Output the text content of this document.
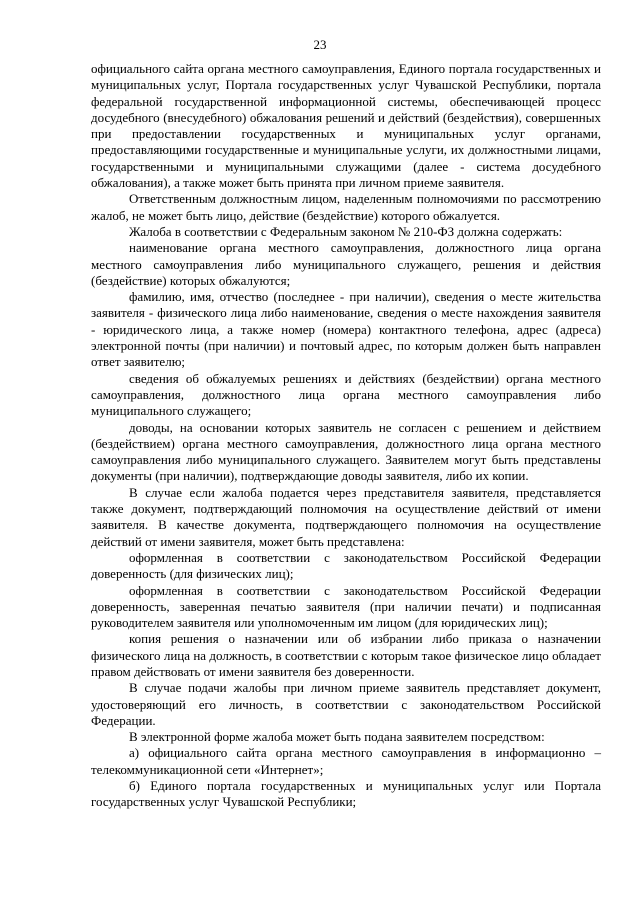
23

официального сайта органа местного самоуправления, Единого портала государственных и муниципальных услуг, Портала государственных услуг Чувашской Республики, портала федеральной государственной информационной системы, обеспечивающей процесс досудебного (внесудебного) обжалования решений и действий (бездействия), совершенных при предоставлении государственных и муниципальных услуг органами, предоставляющими государственные и муниципальные услуги, их должностными лицами, государственными и муниципальными служащими (далее - система досудебного обжалования), а также может быть принята при личном приеме заявителя.

Ответственным должностным лицом, наделенным полномочиями по рассмотрению жалоб, не может быть лицо, действие (бездействие) которого обжалуется.

Жалоба в соответствии с Федеральным законом № 210-ФЗ должна содержать:

наименование органа местного самоуправления, должностного лица органа местного самоуправления либо муниципального служащего, решения и действия (бездействие) которых обжалуются;

фамилию, имя, отчество (последнее - при наличии), сведения о месте жительства заявителя - физического лица либо наименование, сведения о месте нахождения заявителя - юридического лица, а также номер (номера) контактного телефона, адрес (адреса) электронной почты (при наличии) и почтовый адрес, по которым должен быть направлен ответ заявителю;

сведения об обжалуемых решениях и действиях (бездействии) органа местного самоуправления, должностного лица органа местного самоуправления либо муниципального служащего;

доводы, на основании которых заявитель не согласен с решением и действием (бездействием) органа местного самоуправления, должностного лица органа местного самоуправления либо муниципального служащего. Заявителем могут быть представлены документы (при наличии), подтверждающие доводы заявителя, либо их копии.

В случае если жалоба подается через представителя заявителя, представляется также документ, подтверждающий полномочия на осуществление действий от имени заявителя. В качестве документа, подтверждающего полномочия на осуществление действий от имени заявителя, может быть представлена:

оформленная в соответствии с законодательством Российской Федерации доверенность (для физических лиц);

оформленная в соответствии с законодательством Российской Федерации доверенность, заверенная печатью заявителя (при наличии печати) и подписанная руководителем заявителя или уполномоченным им лицом (для юридических лиц);

копия решения о назначении или об избрании либо приказа о назначении физического лица на должность, в соответствии с которым такое физическое лицо обладает правом действовать от имени заявителя без доверенности.

В случае подачи жалобы при личном приеме заявитель представляет документ, удостоверяющий его личность, в соответствии с законодательством Российской Федерации.

В электронной форме жалоба может быть подана заявителем посредством:

а) официального сайта органа местного самоуправления в информационно – телекоммуникационной сети «Интернет»;

б) Единого портала государственных и муниципальных услуг или Портала государственных услуг Чувашской Республики;
